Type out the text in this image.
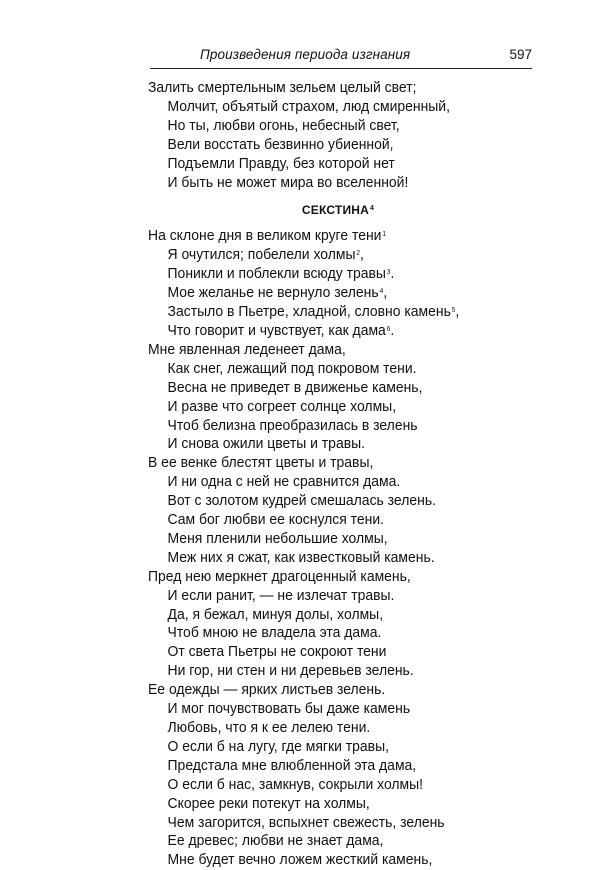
Произведения периода изгнания	597
Залить смертельным зельем целый свет;
Молчит, объятый страхом, люд смиренный,
Но ты, любви огонь, небесный свет,
Вели восстать безвинно убиенной,
Подъемли Правду, без которой нет
И быть не может мира во вселенной!
СЕКСТИНА$^4$
На склоне дня в великом круге тени$^1$
Я очутился; побелели холмы$^2$,
Поникли и поблекли всюду травы$^3$.
Мое желанье не вернуло зелень$^4$,
Застыло в Пьетре, хладной, словно камень$^5$,
Что говорит и чувствует, как дама$^6$.
Мне явленная леденеет дама,
Как снег, лежащий под покровом тени.
Весна не приведет в движенье камень,
И разве что согреет солнце холмы,
Чтоб белизна преобразилась в зелень
И снова ожили цветы и травы.
В ее венке блестят цветы и травы,
И ни одна с ней не сравнится дама.
Вот с золотом кудрей смешалась зелень.
Сам бог любви ее коснулся тени.
Меня пленили небольшие холмы,
Меж них я сжат, как известковый камень.
Пред нею меркнет драгоценный камень,
И если ранит, — не излечат травы.
Да, я бежал, минуя долы, холмы,
Чтоб мною не владела эта дама.
От света Пьетры не сокроют тени
Ни гор, ни стен и ни деревьев зелень.
Ее одежды — ярких листьев зелень.
И мог почувствовать бы даже камень
Любовь, что я к ее лелею тени.
О если б на лугу, где мягки травы,
Предстала мне влюбленной эта дама,
О если б нас, замкнув, сокрыли холмы!
Скорее реки потекут на холмы,
Чем загорится, вспыхнет свежесть, зелень
Ее древес; любви не знает дама,
Мне будет вечно ложем жесткий камень,
